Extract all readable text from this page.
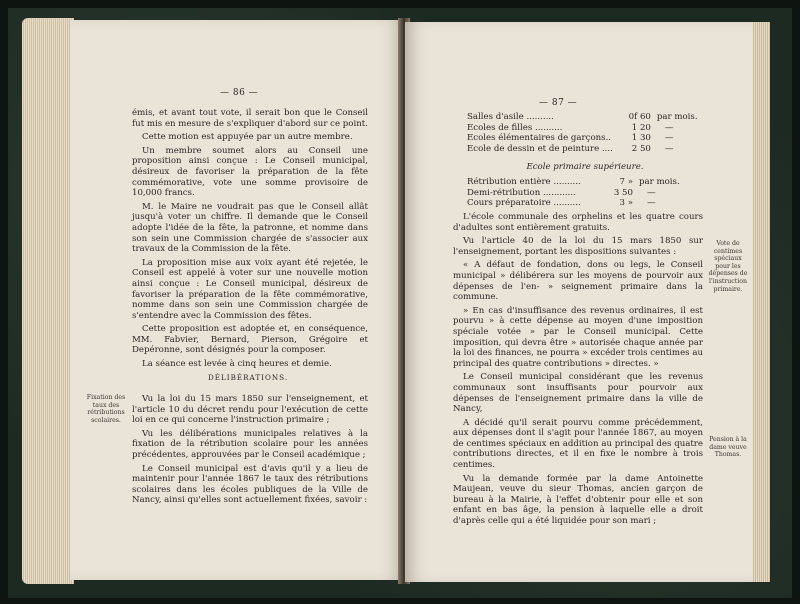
— 86 —

émis, et avant tout vote, il serait bon que le Conseil fut mis en mesure de s'expliquer d'abord sur ce point.

Cette motion est appuyée par un autre membre.

Un membre soumet alors au Conseil une proposition ainsi conçue : Le Conseil municipal, désireux de favoriser la préparation de la fête commémorative, vote une somme provisoire de 10,000 francs.

M. le Maire ne voudrait pas que le Conseil allât jusqu'à voter un chiffre. Il demande que le Conseil adopte l'idée de la fête, la patronne, et nomme dans son sein une Commission chargée de s'associer aux travaux de la Commission de la fête.

La proposition mise aux voix ayant été rejetée, le Conseil est appelé à voter sur une nouvelle motion ainsi conçue : Le Conseil municipal, désireux de favoriser la préparation de la fête commémorative, nomme dans son sein une Commission chargée de s'entendre avec la Commission des fêtes.

Cette proposition est adoptée et, en conséquence, MM. Fabvier, Bernard, Pierson, Grégoire et Depéronne, sont désignés pour la composer.

La séance est levée à cinq heures et demie.

DÉLIBÉRATIONS.
Fixation des taux des rétributions scolaires.

Vu la loi du 15 mars 1850 sur l'enseignement, et l'article 10 du décret rendu pour l'exécution de cette loi en ce qui concerne l'instruction primaire ;

Vu les délibérations municipales relatives à la fixation de la rétribution scolaire pour les années précédentes, approuvées par le Conseil académique ;

Le Conseil municipal est d'avis qu'il y a lieu de maintenir pour l'année 1867 le taux des rétributions scolaires dans les écoles publiques de la Ville de Nancy, ainsi qu'elles sont actuellement fixées, savoir :

— 87 —
Salles d'asile ..........	0f 60	par mois.
Ecoles de filles ..........	1 20	—
Ecoles élémentaires de garçons..	1 30	—
Ecole de dessin et de peinture ....	2 50	—

Ecole primaire supérieure.

Rétribution entière ..........	7 »	par mois.
Demi-rétribution ............	3 50	—
Cours préparatoire ..........	3 »	—

L'école communale des orphelins et les quatre cours d'adultes sont entièrement gratuits.

Vu l'article 40 de la loi du 15 mars 1850 sur l'enseignement, portant les dispositions suivantes :

« A défaut de fondation, dons ou legs, le Conseil municipal » délibérera sur les moyens de pourvoir aux dépenses de l'en- » seignement primaire dans la commune.

» En cas d'insuffisance des revenus ordinaires, il est pourvu » à cette dépense au moyen d'une imposition spéciale votée » par le Conseil municipal. Cette imposition, qui devra être » autorisée chaque année par la loi des finances, ne pourra » excéder trois centimes au principal des quatre contributions » directes. »

Le Conseil municipal considérant que les revenus communaux sont insuffisants pour pourvoir aux dépenses de l'enseignement primaire dans la ville de Nancy,

A décidé qu'il serait pourvu comme précédemment, aux dépenses dont il s'agit pour l'année 1867, au moyen de centimes spéciaux en addition au principal des quatre contributions directes, et il en fixe le nombre à trois centimes.

Vu la demande formée par la dame Antoinette Maujean, veuve du sieur Thomas, ancien garçon de bureau à la Mairie, à l'effet d'obtenir pour elle et son enfant en bas âge, la pension à laquelle elle a droit d'après celle qui a été liquidée pour son mari ;

Vote de centimes spéciaux pour les dépenses de l'instruction primaire.
Pension à la dame veuve Thomas.
